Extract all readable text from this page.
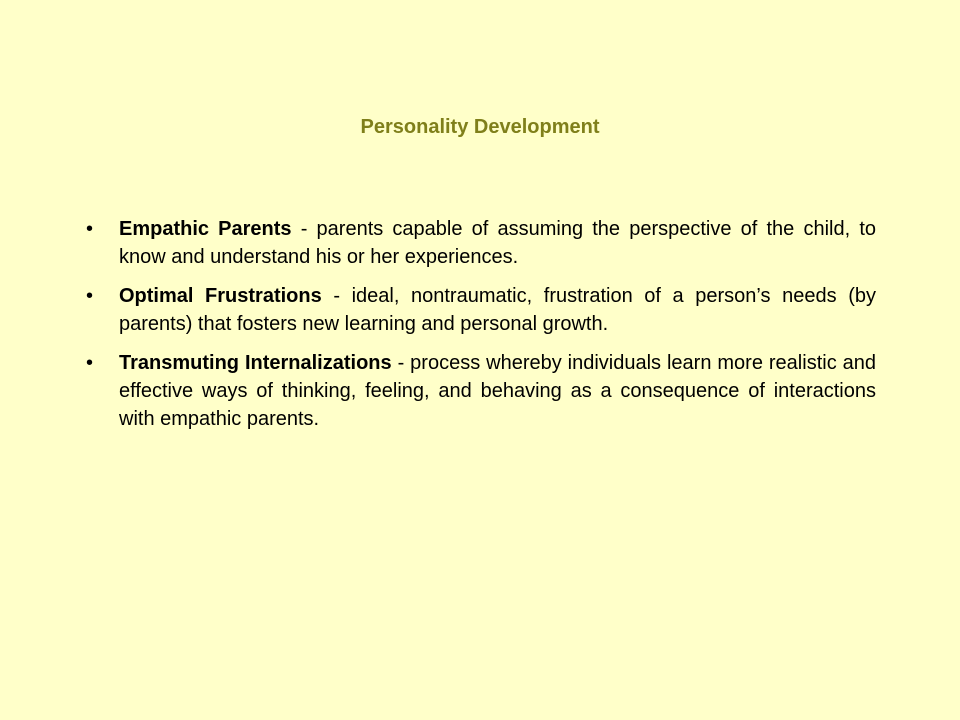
Personality Development
• Empathic Parents - parents capable of assuming the perspective of the child, to know and understand his or her experiences.
• Optimal Frustrations - ideal, nontraumatic, frustration of a person’s needs (by parents) that fosters new learning and personal growth.
• Transmuting Internalizations - process whereby individuals learn more realistic and effective ways of thinking, feeling, and behaving as a consequence of interactions with empathic parents.
